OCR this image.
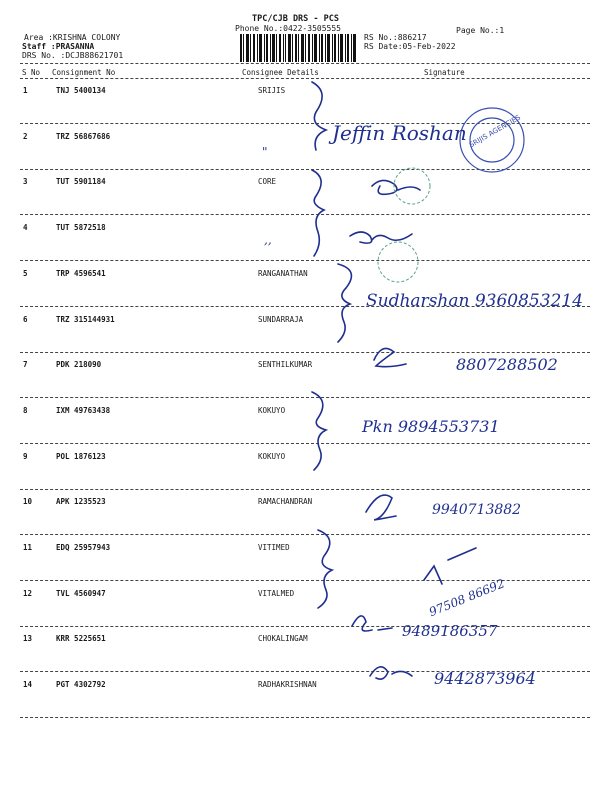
TPC/CJB DRS - PCS
Phone No.:0422-3505555	Page No.:1
Area :KRISHNA COLONY
Staff :PRASANNA
DRS No. :DCJB88621701
RS No.:886217
RS Date:05-Feb-2022
S No Consignment No	Consignee Details	Signature
1	TNJ 5400134	SRIJIS
2	TRZ 56867686
3	TUT 5901184	CORE
4	TUT 5872518
5	TRP 4596541	RANGANATHAN
6	TRZ 315144931	SUNDARRAJA
7	PDK 218090	SENTHILKUMAR
8	IXM 49763438	KOKUYO
9	POL 1876123	KOKUYO
10	APK 1235523	RAMACHANDRAN
11	EDQ 25957943	VITIMED
12	TVL 4560947	VITALMED
13	KRR 5225651	CHOKALINGAM
14	PGT 4302792	RADHAKRISHNAN
SRIJIS AGENCIES
"
,,
Jeffin Roshan
Sudharshan 9360853214
8807288502
Pkn 9894553731
9940713882
97508 86692
9489186357
9442873964
